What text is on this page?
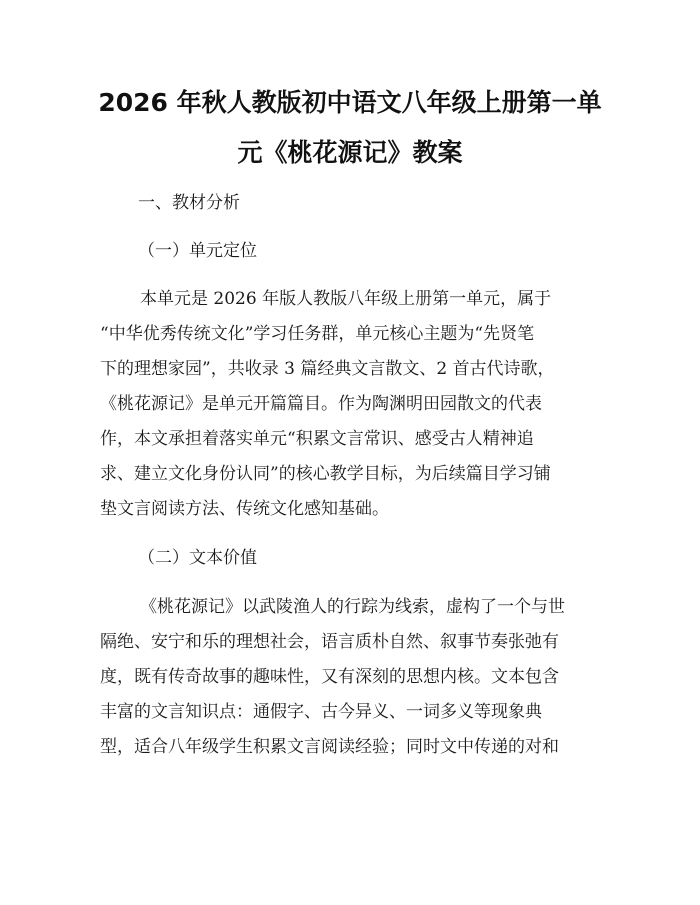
2026 年秋人教版初中语文八年级上册第一单
元《桃花源记》教案
一、教材分析
（一）单元定位
本单元是 2026 年版人教版八年级上册第一单元，属于
“中华优秀传统文化”学习任务群，单元核心主题为“先贤笔
下的理想家园”，共收录 3 篇经典文言散文、2 首古代诗歌，
《桃花源记》是单元开篇篇目。作为陶渊明田园散文的代表
作，本文承担着落实单元“积累文言常识、感受古人精神追
求、建立文化身份认同”的核心教学目标，为后续篇目学习铺
垫文言阅读方法、传统文化感知基础。
（二）文本价值
《桃花源记》以武陵渔人的行踪为线索，虚构了一个与世
隔绝、安宁和乐的理想社会，语言质朴自然、叙事节奏张弛有
度，既有传奇故事的趣味性，又有深刻的思想内核。文本包含
丰富的文言知识点：通假字、古今异义、一词多义等现象典
型，适合八年级学生积累文言阅读经验；同时文中传递的对和
